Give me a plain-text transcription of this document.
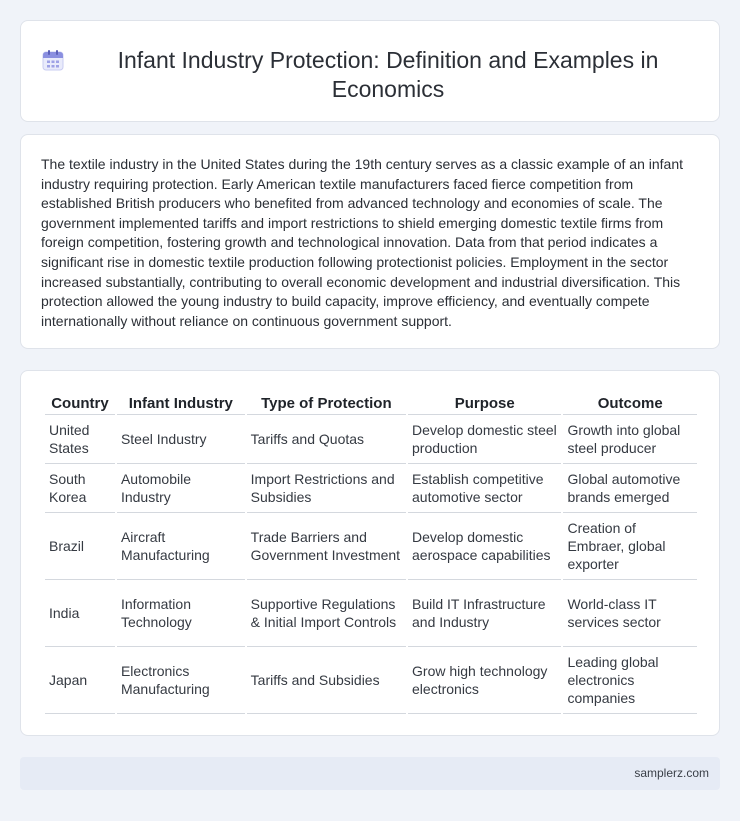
Infant Industry Protection: Definition and Examples in Economics

The textile industry in the United States during the 19th century serves as a classic example of an infant industry requiring protection. Early American textile manufacturers faced fierce competition from established British producers who benefited from advanced technology and economies of scale. The government implemented tariffs and import restrictions to shield emerging domestic textile firms from foreign competition, fostering growth and technological innovation. Data from that period indicates a significant rise in domestic textile production following protectionist policies. Employment in the sector increased substantially, contributing to overall economic development and industrial diversification. This protection allowed the young industry to build capacity, improve efficiency, and eventually compete internationally without reliance on continuous government support.

Country	Infant Industry	Type of Protection	Purpose	Outcome
United States	Steel Industry	Tariffs and Quotas	Develop domestic steel production	Growth into global steel producer
South Korea	Automobile Industry	Import Restrictions and Subsidies	Establish competitive automotive sector	Global automotive brands emerged
Brazil	Aircraft Manufacturing	Trade Barriers and Government Investment	Develop domestic aerospace capabilities	Creation of Embraer, global exporter
India	Information Technology	Supportive Regulations & Initial Import Controls	Build IT Infrastructure and Industry	World-class IT services sector
Japan	Electronics Manufacturing	Tariffs and Subsidies	Grow high technology electronics	Leading global electronics companies
samplerz.com
